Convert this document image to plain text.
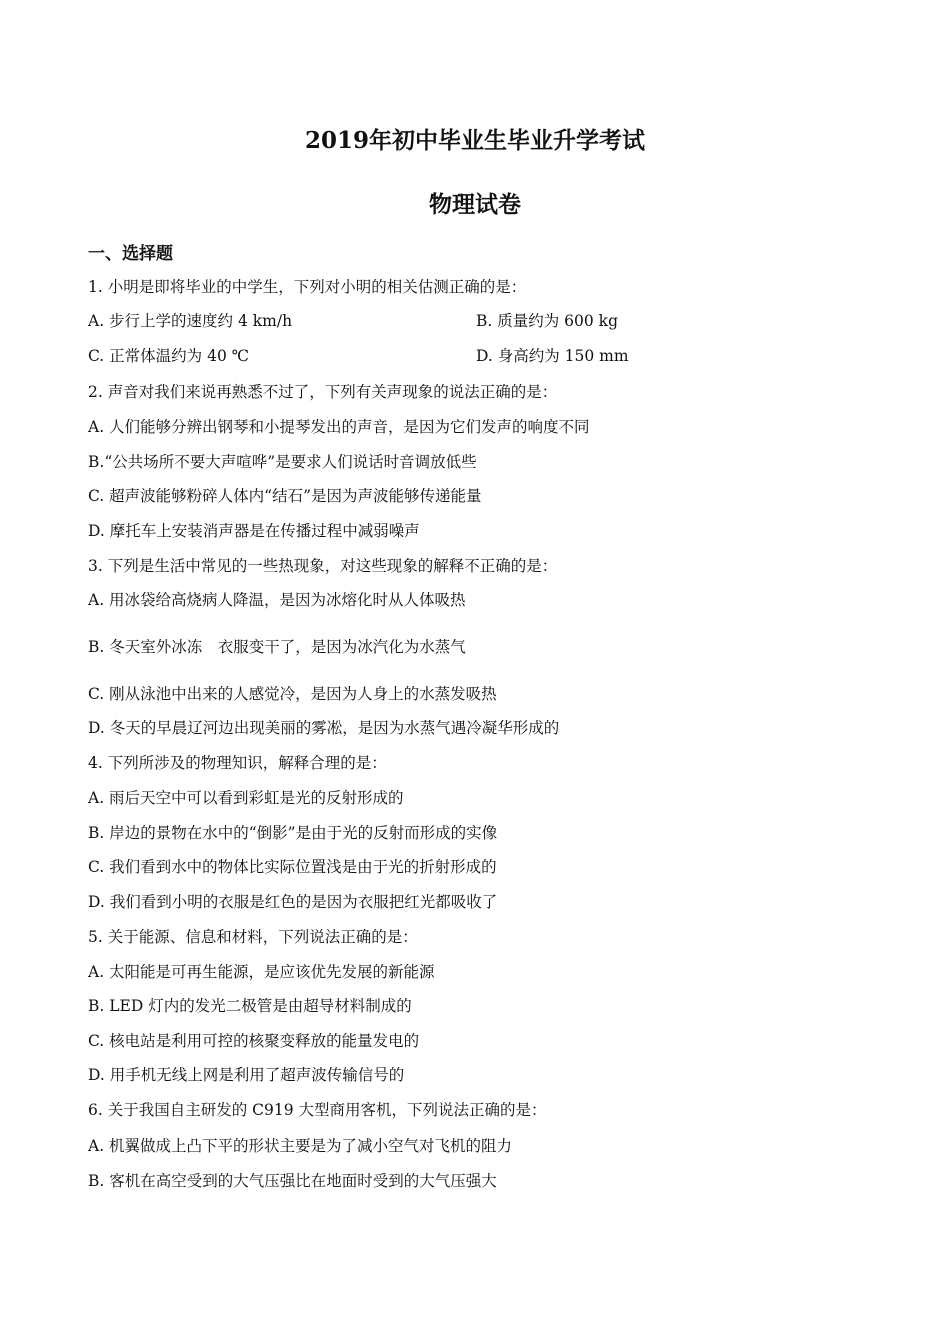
2019年初中毕业生毕业升学考试
物理试卷
一、选择题
1. 小明是即将毕业的中学生，下列对小明的相关估测正确的是：
A. 步行上学的速度约 4 km/h	B. 质量约为 600 kg
C. 正常体温约为 40 ℃	D. 身高约为 150 mm
2. 声音对我们来说再熟悉不过了，下列有关声现象的说法正确的是：
A. 人们能够分辨出钢琴和小提琴发出的声音，是因为它们发声的响度不同
B.“公共场所不要大声喧哗”是要求人们说话时音调放低些
C. 超声波能够粉碎人体内“结石”是因为声波能够传递能量
D. 摩托车上安装消声器是在传播过程中减弱噪声
3. 下列是生活中常见的一些热现象，对这些现象的解释不正确的是：
A. 用冰袋给高烧病人降温，是因为冰熔化时从人体吸热
B. 冬天室外冰冻　衣服变干了，是因为冰汽化为水蒸气
C. 刚从泳池中出来的人感觉冷，是因为人身上的水蒸发吸热
D. 冬天的早晨辽河边出现美丽的雾凇，是因为水蒸气遇冷凝华形成的
4. 下列所涉及的物理知识，解释合理的是：
A. 雨后天空中可以看到彩虹是光的反射形成的
B. 岸边的景物在水中的“倒影”是由于光的反射而形成的实像
C. 我们看到水中的物体比实际位置浅是由于光的折射形成的
D. 我们看到小明的衣服是红色的是因为衣服把红光都吸收了
5. 关于能源、信息和材料，下列说法正确的是：
A. 太阳能是可再生能源，是应该优先发展的新能源
B. LED 灯内的发光二极管是由超导材料制成的
C. 核电站是利用可控的核聚变释放的能量发电的
D. 用手机无线上网是利用了超声波传输信号的
6. 关于我国自主研发的 C919 大型商用客机，下列说法正确的是：
A. 机翼做成上凸下平的形状主要是为了减小空气对飞机的阻力
B. 客机在高空受到的大气压强比在地面时受到的大气压强大
